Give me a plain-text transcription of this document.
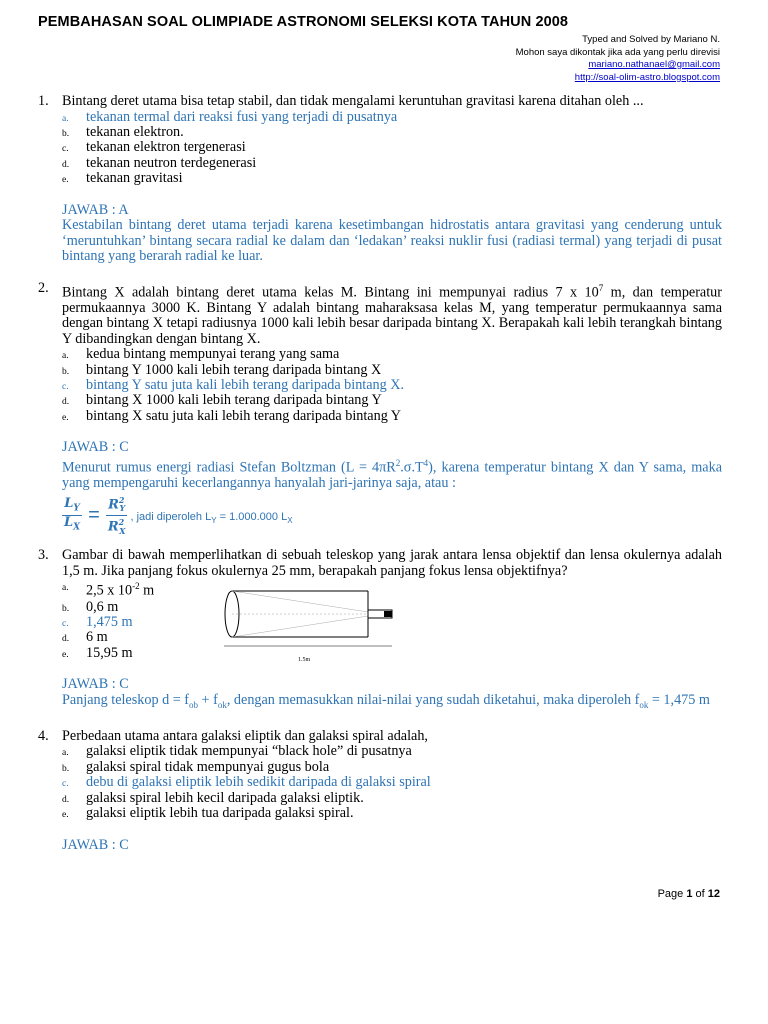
PEMBAHASAN SOAL OLIMPIADE ASTRONOMI SELEKSI KOTA TAHUN 2008
Typed and Solved by Mariano N.
Mohon saya dikontak jika ada yang perlu direvisi
mariano.nathanael@gmail.com
http://soal-olim-astro.blogspot.com
1. Bintang deret utama bisa tetap stabil, dan tidak mengalami keruntuhan gravitasi karena ditahan oleh ...
a. tekanan termal dari reaksi fusi yang terjadi di pusatnya
b. tekanan elektron.
c. tekanan elektron tergenerasi
d. tekanan neutron terdegenerasi
e. tekanan gravitasi
JAWAB : A
Kestabilan bintang deret utama terjadi karena kesetimbangan hidrostatis antara gravitasi yang cenderung untuk ‘meruntuhkan’ bintang secara radial ke dalam dan ‘ledakan’ reaksi nuklir fusi (radiasi termal) yang terjadi di pusat bintang yang berarah radial ke luar.
2. Bintang X adalah bintang deret utama kelas M. Bintang ini mempunyai radius 7 x $10^7$ m, dan temperatur permukaannya 3000 K. Bintang Y adalah bintang maharaksasa kelas M, yang temperatur permukaannya sama dengan bintang X tetapi radiusnya 1000 kali lebih besar daripada bintang X. Berapakah kali lebih terangkah bintang Y dibandingkan dengan bintang X.
a. kedua bintang mempunyai terang yang sama
b. bintang Y 1000 kali lebih terang daripada bintang X
c. bintang Y satu juta kali lebih terang daripada bintang X.
d. bintang X 1000 kali lebih terang daripada bintang Y
e. bintang X satu juta kali lebih terang daripada bintang Y
JAWAB : C
Menurut rumus energi radiasi Stefan Boltzman $(L = 4\pi R^2.\sigma.T^4)$, karena temperatur bintang X dan Y sama, maka yang mempengaruhi kecerlangannya hanyalah jari-jarinya saja, atau :
$\frac{L_Y}{L_X} = \frac{R^2_Y}{R^2_X}$ , jadi diperoleh $L_Y = 1.000.000$ $L_X$
3. Gambar di bawah memperlihatkan di sebuah teleskop yang jarak antara lensa objektif dan lensa okulernya adalah 1,5 m. Jika panjang fokus okulernya 25 mm, berapakah panjang fokus lensa objektifnya?
a. 2,5 x $10^{-2}$ m
b. 0,6 m
c. 1,475 m
d. 6 m
e. 15,95 m	1.5m
JAWAB : C
Panjang teleskop $d = f_{ob} + f_{ok}$, dengan memasukkan nilai-nilai yang sudah diketahui, maka diperoleh $f_{ok} = 1,475$ m
4. Perbedaan utama antara galaksi eliptik dan galaksi spiral adalah,
a. galaksi eliptik tidak mempunyai “black hole” di pusatnya
b. galaksi spiral tidak mempunyai gugus bola
c. debu di galaksi eliptik lebih sedikit daripada di galaksi spiral
d. galaksi spiral lebih kecil daripada galaksi eliptik.
e. galaksi eliptik lebih tua daripada galaksi spiral.
JAWAB : C
Page 1 of 12
